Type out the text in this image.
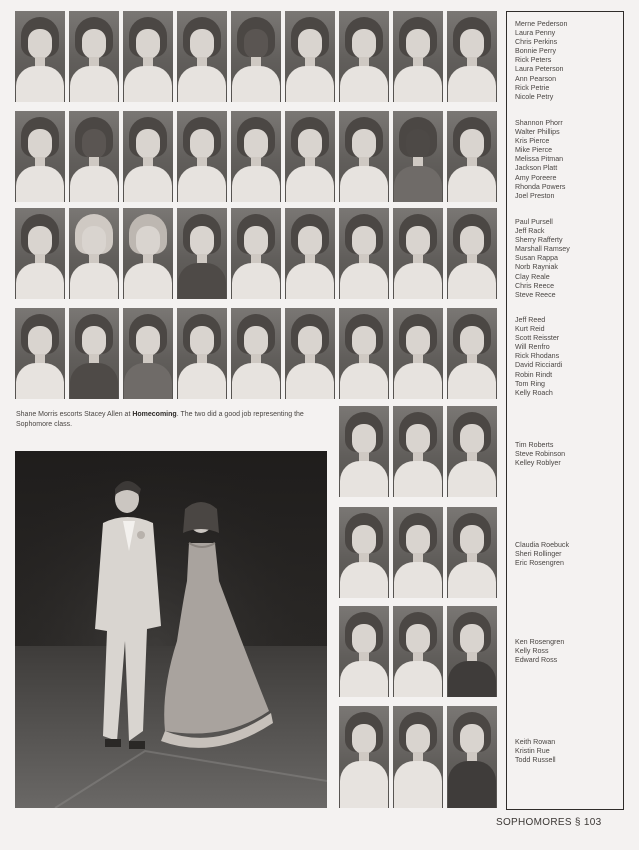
Merne Pederson
Laura Penny
Chris Perkins
Bonnie Perry
Rick Peters
Laura Peterson
Ann Pearson
Rick Petrie
Nicole Petry
Shannon Phorr
Walter Phillips
Kris Pierce
Mike Pierce
Melissa Pitman
Jackson Platt
Amy Poreere
Rhonda Powers
Joel Preston
Paul Pursell
Jeff Rack
Sherry Rafferty
Marshall Ramsey
Susan Rappa
Norb Rayniak
Clay Reale
Chris Reece
Steve Reece
Jeff Reed
Kurt Reid
Scott Reisster
Will Renfro
Rick Rhodans
David Ricciardi
Robin Rindt
Tom Ring
Kelly Roach
Tim Roberts
Steve Robinson
Kelley Roblyer
Claudia Roebuck
Sheri Rollinger
Eric Rosengren
Ken Rosengren
Kelly Ross
Edward Ross
Keith Rowan
Kristin Rue
Todd Russell
Shane Morris escorts Stacey Allen at Homecoming. The two did a good job representing the Sophomore class.
SOPHOMORES § 103
